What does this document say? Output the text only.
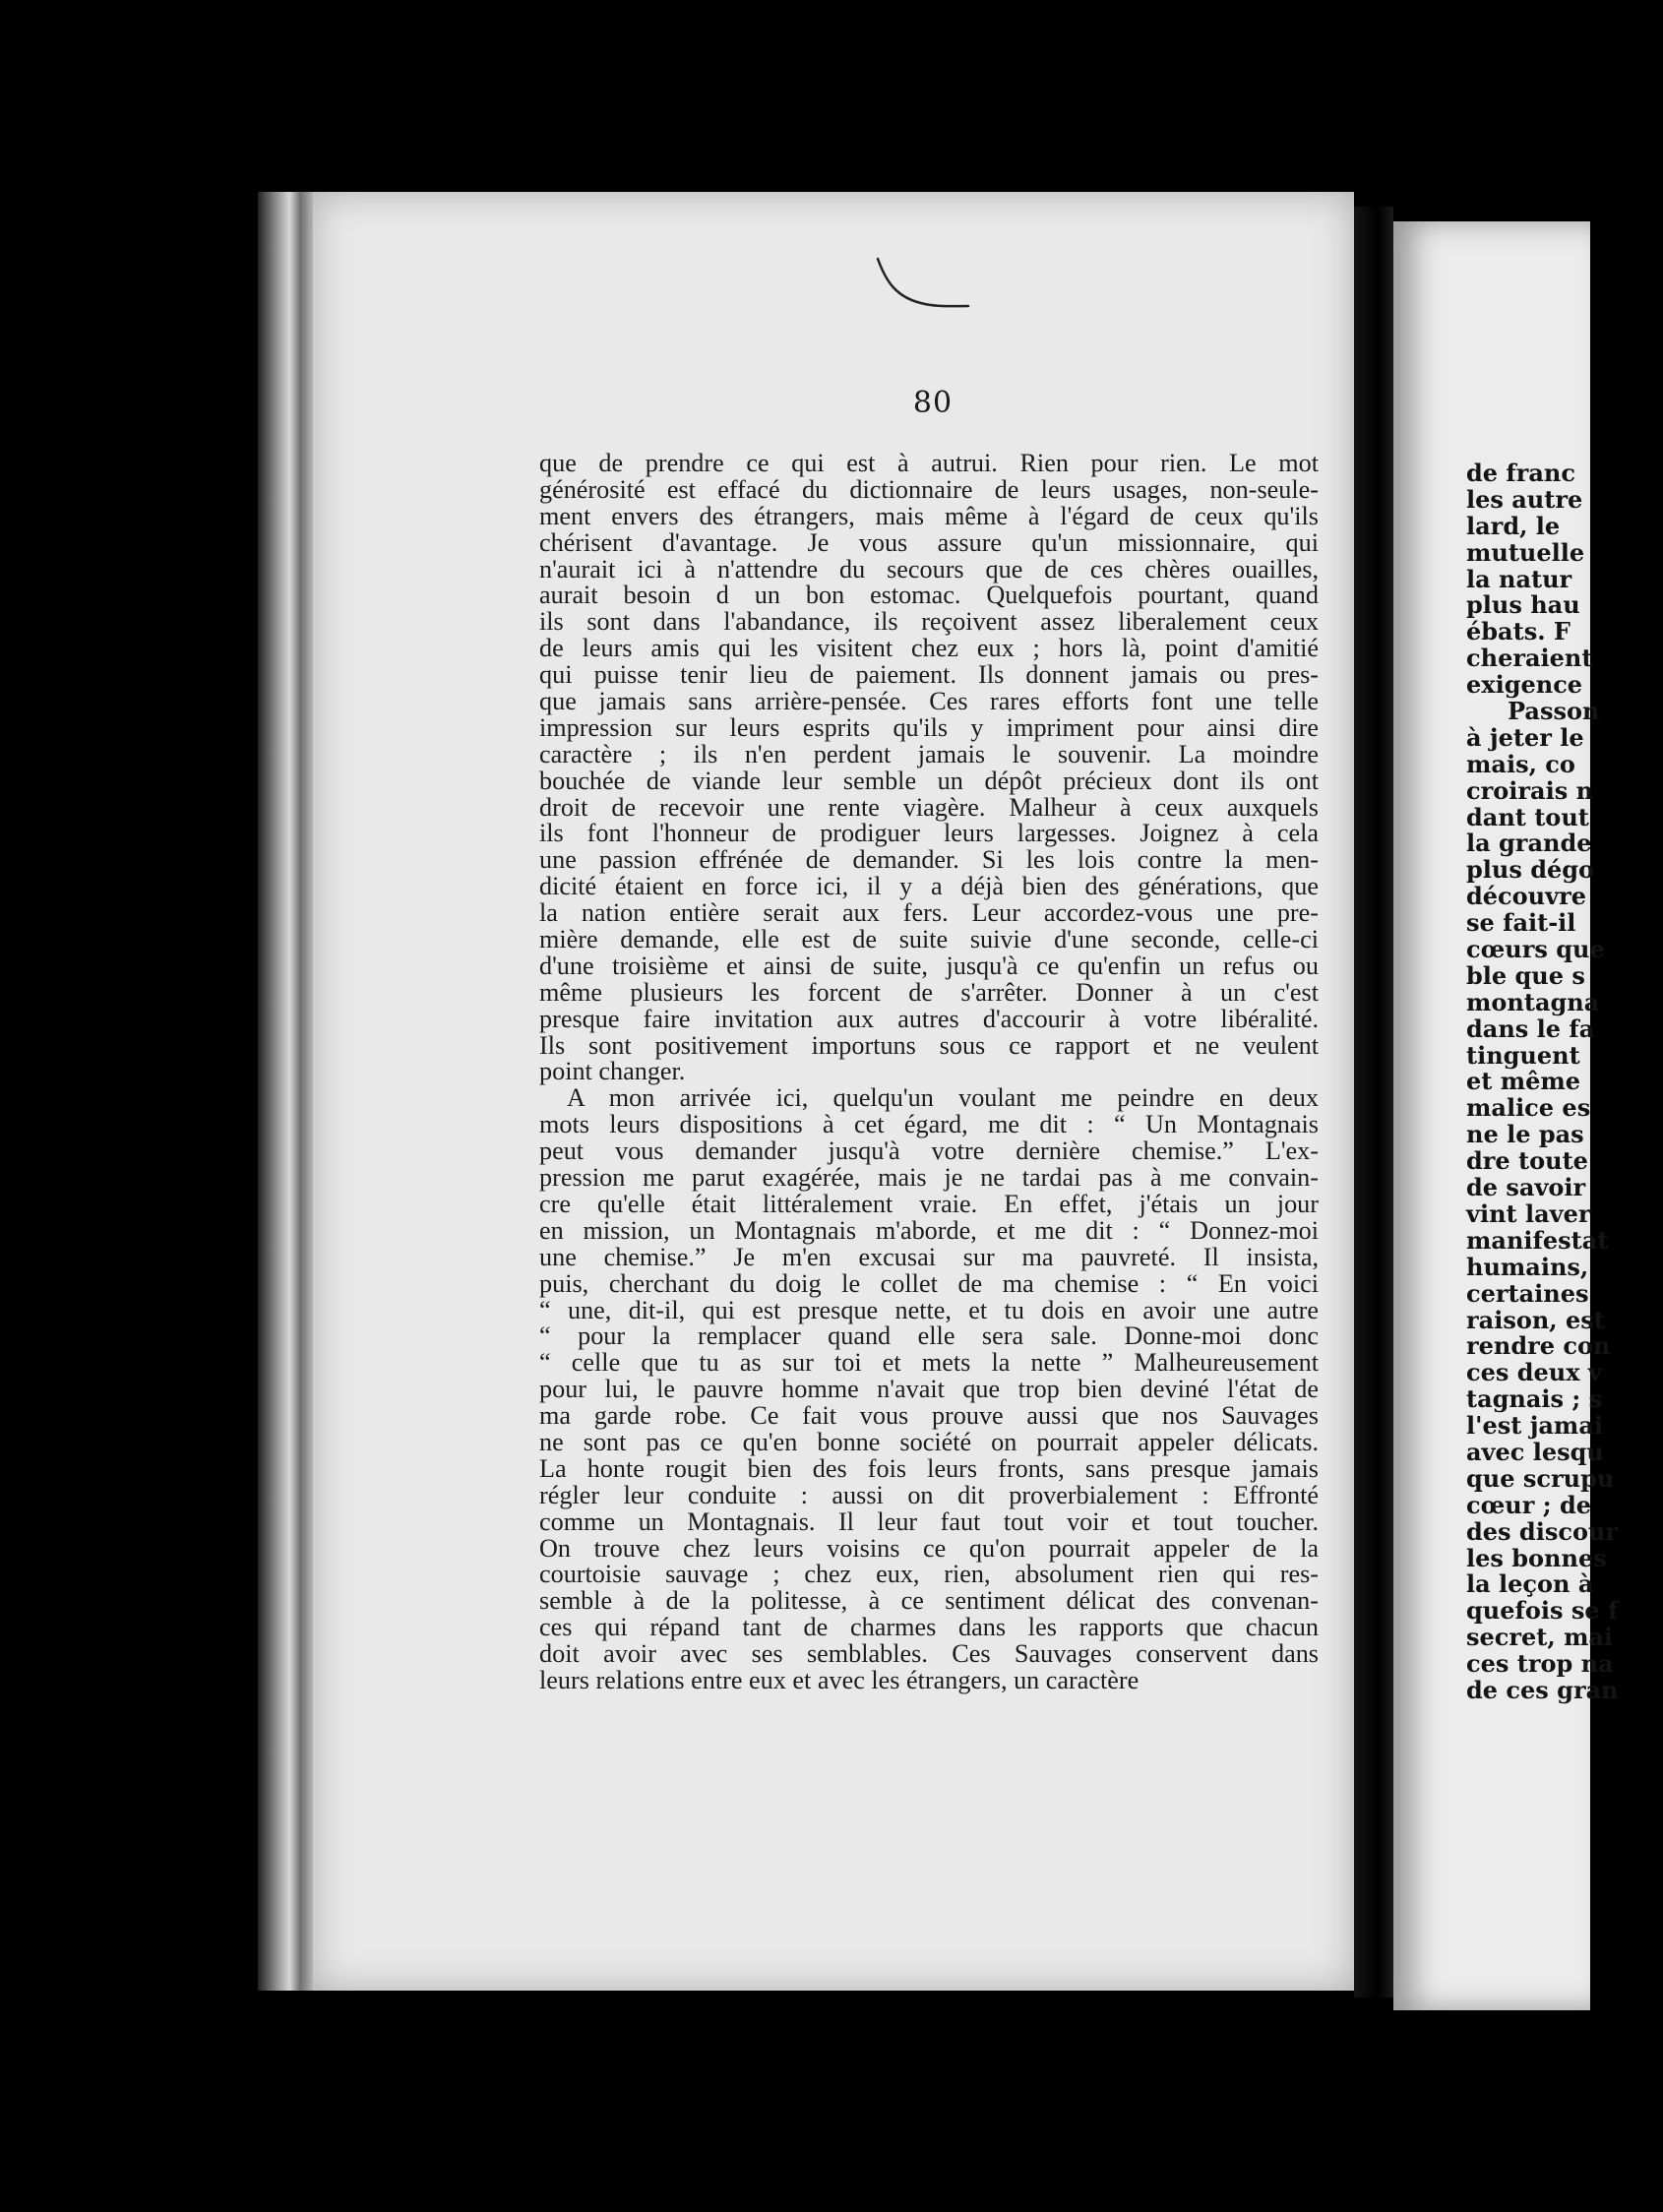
80
que de prendre ce qui est à autrui. Rien pour rien. Le mot
générosité est effacé du dictionnaire de leurs usages, non-seule-
ment envers des étrangers, mais même à l'égard de ceux qu'ils
chérisent d'avantage. Je vous assure qu'un missionnaire, qui
n'aurait ici à n'attendre du secours que de ces chères ouailles,
aurait besoin d un bon estomac. Quelquefois pourtant, quand
ils sont dans l'abandance, ils reçoivent assez liberalement ceux
de leurs amis qui les visitent chez eux ; hors là, point d'amitié
qui puisse tenir lieu de paiement. Ils donnent jamais ou pres-
que jamais sans arrière-pensée. Ces rares efforts font une telle
impression sur leurs esprits qu'ils y impriment pour ainsi dire
caractère ; ils n'en perdent jamais le souvenir. La moindre
bouchée de viande leur semble un dépôt précieux dont ils ont
droit de recevoir une rente viagère. Malheur à ceux auxquels
ils font l'honneur de prodiguer leurs largesses. Joignez à cela
une passion effrénée de demander. Si les lois contre la men-
dicité étaient en force ici, il y a déjà bien des générations, que
la nation entière serait aux fers. Leur accordez-vous une pre-
mière demande, elle est de suite suivie d'une seconde, celle-ci
d'une troisième et ainsi de suite, jusqu'à ce qu'enfin un refus ou
même plusieurs les forcent de s'arrêter. Donner à un c'est
presque faire invitation aux autres d'accourir à votre libéralité.
Ils sont positivement importuns sous ce rapport et ne veulent
point changer.
A mon arrivée ici, quelqu'un voulant me peindre en deux
mots leurs dispositions à cet égard, me dit : “ Un Montagnais
peut vous demander jusqu'à votre dernière chemise.” L'ex-
pression me parut exagérée, mais je ne tardai pas à me convain-
cre qu'elle était littéralement vraie. En effet, j'étais un jour
en mission, un Montagnais m'aborde, et me dit : “ Donnez-moi
une chemise.” Je m'en excusai sur ma pauvreté. Il insista,
puis, cherchant du doig le collet de ma chemise : “ En voici
“ une, dit-il, qui est presque nette, et tu dois en avoir une autre
“ pour la remplacer quand elle sera sale. Donne-moi donc
“ celle que tu as sur toi et mets la nette ” Malheureusement
pour lui, le pauvre homme n'avait que trop bien deviné l'état de
ma garde robe. Ce fait vous prouve aussi que nos Sauvages
ne sont pas ce qu'en bonne société on pourrait appeler délicats.
La honte rougit bien des fois leurs fronts, sans presque jamais
régler leur conduite : aussi on dit proverbialement : Effronté
comme un Montagnais. Il leur faut tout voir et tout toucher.
On trouve chez leurs voisins ce qu'on pourrait appeler de la
courtoisie sauvage ; chez eux, rien, absolument rien qui res-
semble à de la politesse, à ce sentiment délicat des convenan-
ces qui répand tant de charmes dans les rapports que chacun
doit avoir avec ses semblables. Ces Sauvages conservent dans
leurs relations entre eux et avec les étrangers, un caractère
de franc
les autre
lard, le
mutuelle
la natur
plus hau
ébats. F
cheraient
exigence
Passon
à jeter le
mais, co
croirais n
dant tout
la grande
plus dégo
découvre
se fait-il
cœurs que
ble que s
montagna
dans le fa
tinguent
et même
malice es
ne le pas
dre toute
de savoir
vint laver
manifestat
humains,
certaines
raison, est
rendre con
ces deux v
tagnais ; s
l'est jamai
avec lesqu
que scrupu
cœur ; de
des discour
les bonnes
la leçon à
quefois se f
secret, mai
ces trop na
de ces gran
